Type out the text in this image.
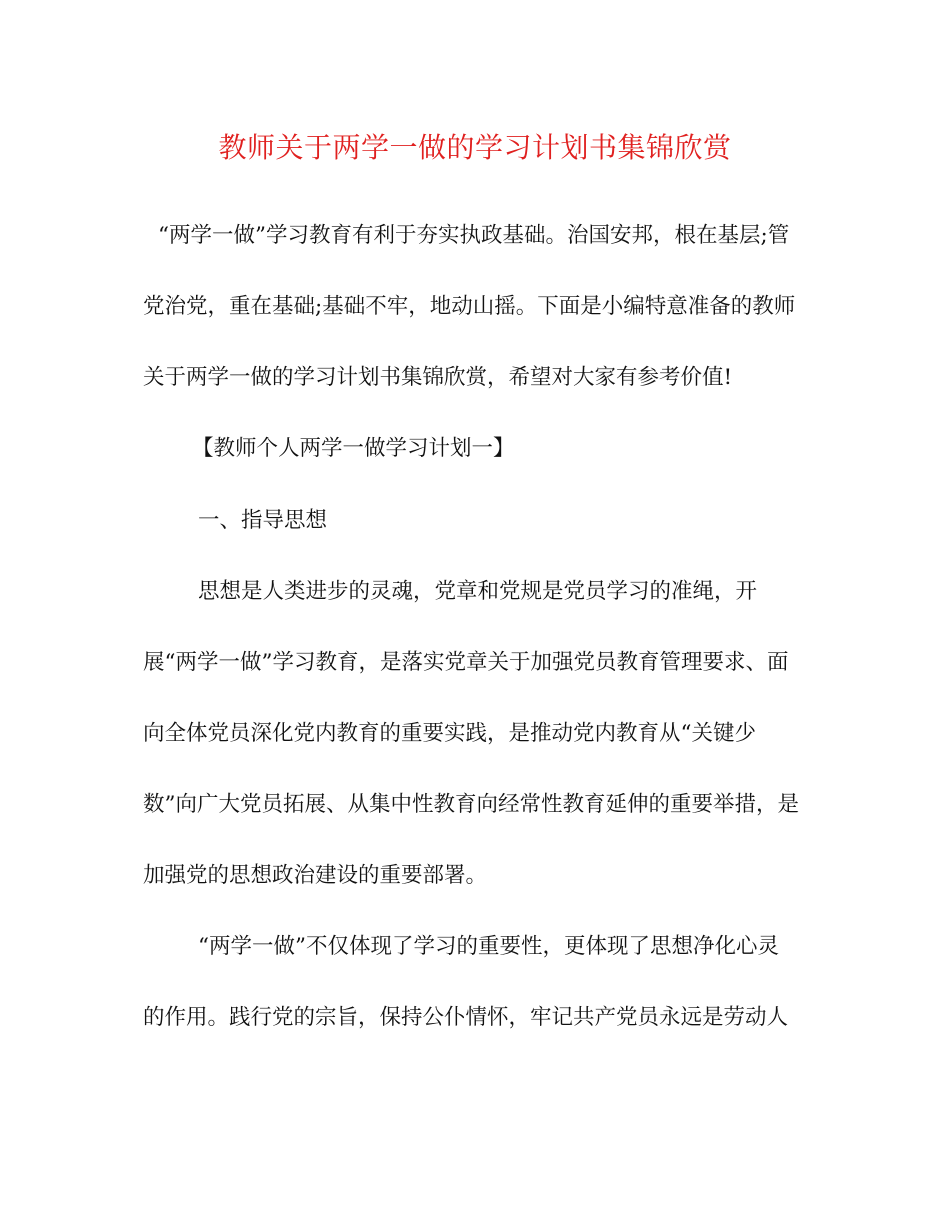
教师关于两学一做的学习计划书集锦欣赏
“两学一做”学习教育有利于夯实执政基础。治国安邦，根在基层;管
党治党，重在基础;基础不牢，地动山摇。下面是小编特意准备的教师
关于两学一做的学习计划书集锦欣赏，希望对大家有参考价值!
【教师个人两学一做学习计划一】
一、指导思想
思想是人类进步的灵魂，党章和党规是党员学习的准绳，开
展“两学一做”学习教育，是落实党章关于加强党员教育管理要求、面
向全体党员深化党内教育的重要实践，是推动党内教育从“关键少
数”向广大党员拓展、从集中性教育向经常性教育延伸的重要举措，是
加强党的思想政治建设的重要部署。
“两学一做”不仅体现了学习的重要性，更体现了思想净化心灵
的作用。践行党的宗旨，保持公仆情怀，牢记共产党员永远是劳动人
